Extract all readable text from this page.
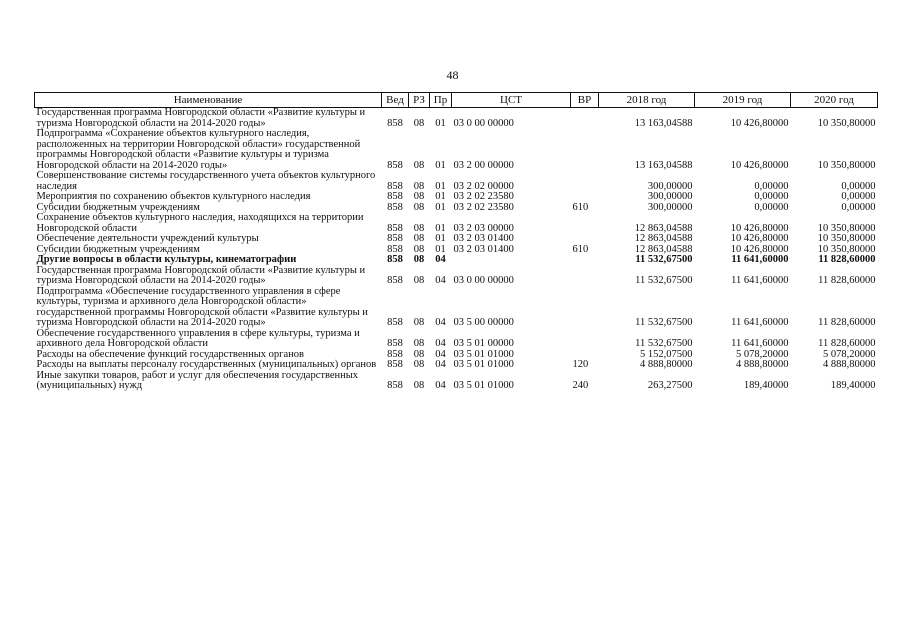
48
Наименование	Вед	РЗ	Пр	ЦСТ	ВР	2018 год	2019 год	2020 год
Государственная программа Новгородской области «Развитие культуры и туризма Новгородской области на 2014-2020 годы»	858	08	01	03 0 00 00000		13 163,04588	10 426,80000	10 350,80000
Подпрограмма «Сохранение объектов культурного наследия, расположенных на территории Новгородской области» государственной программы Новгородской области «Развитие культуры и туризма Новгородской области на 2014-2020 годы»	858	08	01	03 2 00 00000		13 163,04588	10 426,80000	10 350,80000
Совершенствование системы государственного учета объектов культурного наследия	858	08	01	03 2 02 00000		300,00000	0,00000	0,00000
Мероприятия по сохранению объектов культурного наследия	858	08	01	03 2 02 23580		300,00000	0,00000	0,00000
Субсидии бюджетным учреждениям	858	08	01	03 2 02 23580	610	300,00000	0,00000	0,00000
Сохранение объектов культурного наследия, находящихся на территории Новгородской области	858	08	01	03 2 03 00000		12 863,04588	10 426,80000	10 350,80000
Обеспечение деятельности учреждений культуры	858	08	01	03 2 03 01400		12 863,04588	10 426,80000	10 350,80000
Субсидии бюджетным учреждениям	858	08	01	03 2 03 01400	610	12 863,04588	10 426,80000	10 350,80000
Другие вопросы в области культуры, кинематографии	858	08	04			11 532,67500	11 641,60000	11 828,60000
Государственная программа Новгородской области «Развитие культуры и туризма Новгородской области на 2014-2020 годы»	858	08	04	03 0 00 00000		11 532,67500	11 641,60000	11 828,60000
Подпрограмма «Обеспечение государственного управления в сфере культуры, туризма и архивного дела Новгородской области» государственной программы Новгородской области «Развитие культуры и туризма Новгородской области на 2014-2020 годы»	858	08	04	03 5 00 00000		11 532,67500	11 641,60000	11 828,60000
Обеспечение государственного управления в сфере культуры, туризма и архивного дела Новгородской области	858	08	04	03 5 01 00000		11 532,67500	11 641,60000	11 828,60000
Расходы на обеспечение функций государственных органов	858	08	04	03 5 01 01000		5 152,07500	5 078,20000	5 078,20000
Расходы на выплаты персоналу государственных (муниципальных) органов	858	08	04	03 5 01 01000	120	4 888,80000	4 888,80000	4 888,80000
Иные закупки товаров, работ и услуг для обеспечения государственных (муниципальных) нужд	858	08	04	03 5 01 01000	240	263,27500	189,40000	189,40000
